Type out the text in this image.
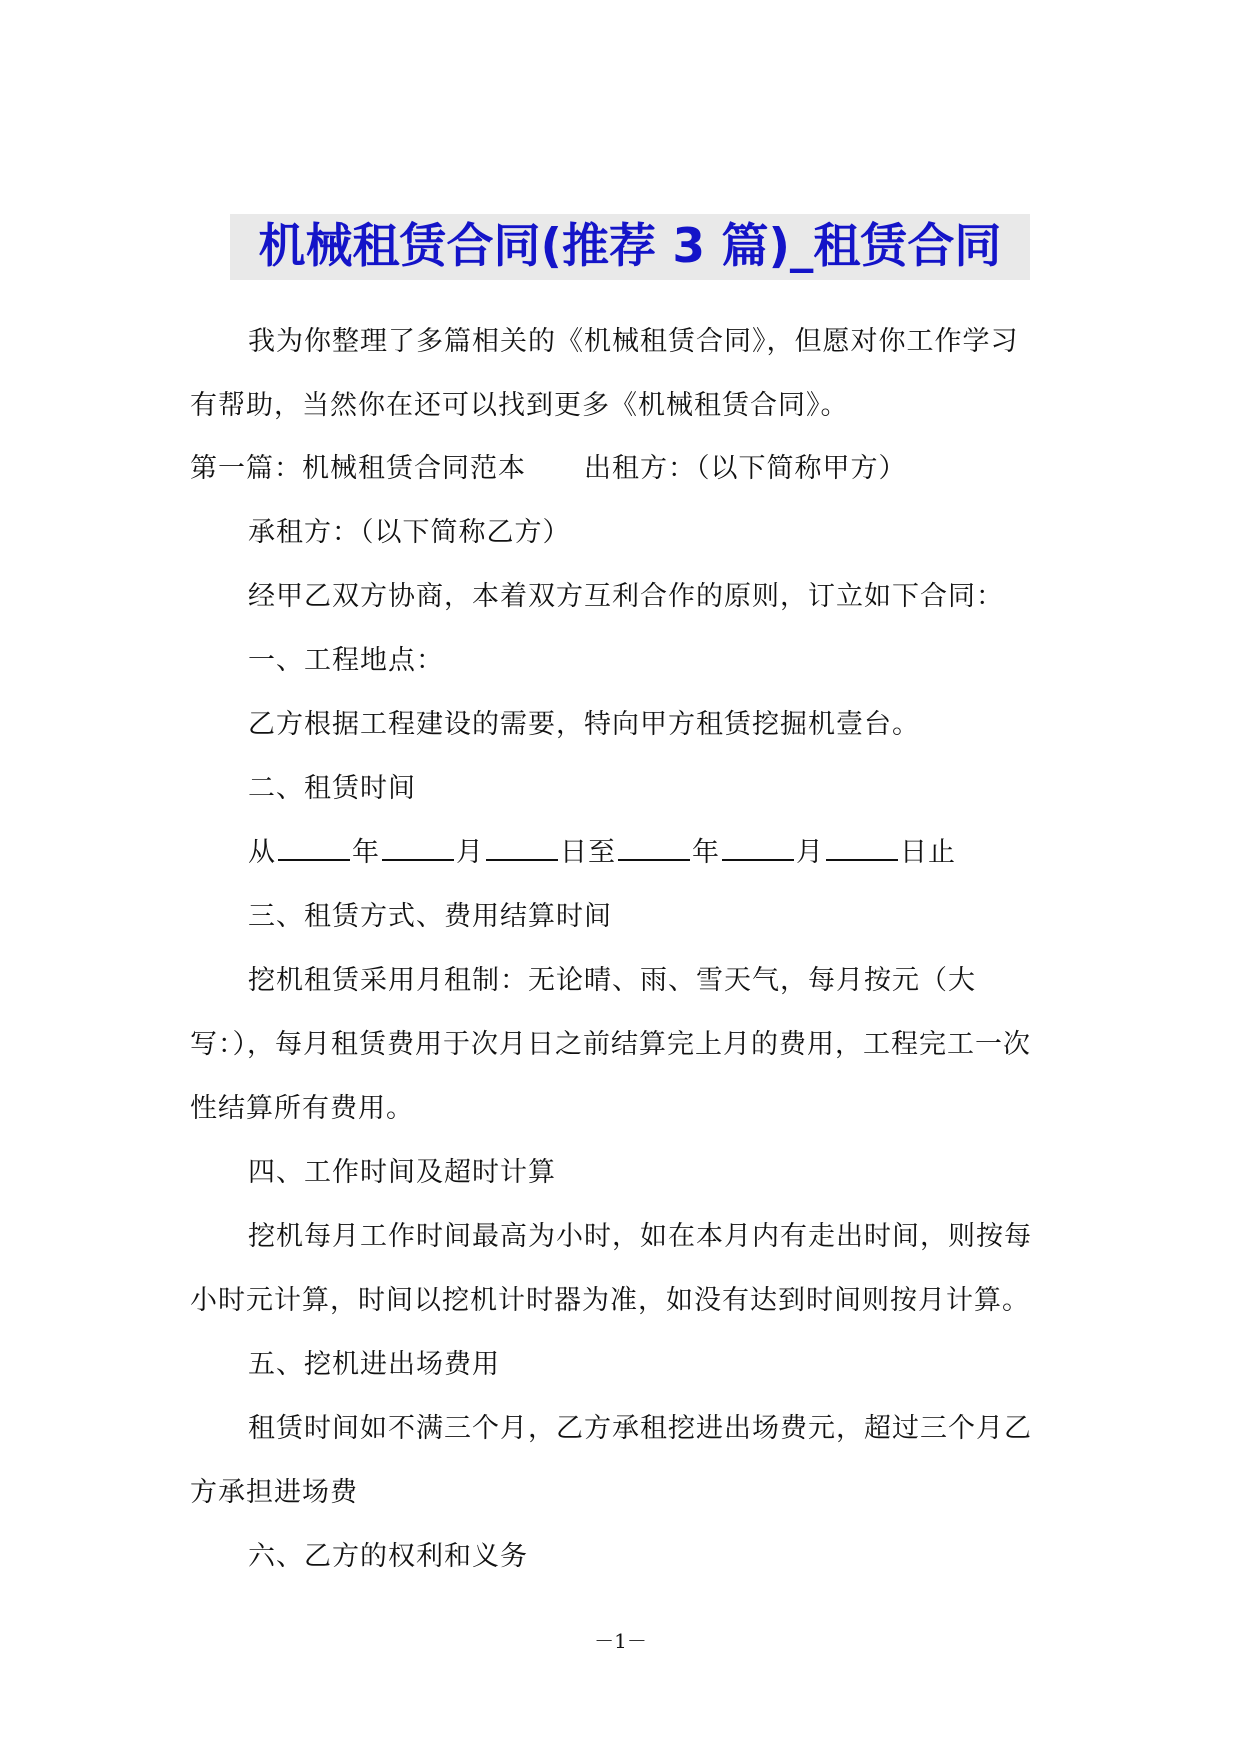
机械租赁合同(推荐 3 篇)_租赁合同
我为你整理了多篇相关的《机械租赁合同》，但愿对你工作学习
有帮助，当然你在还可以找到更多《机械租赁合同》。
第一篇：机械租赁合同范本 出租方：（以下简称甲方）
承租方：（以下简称乙方）
经甲乙双方协商，本着双方互利合作的原则，订立如下合同：
一、工程地点：
乙方根据工程建设的需要，特向甲方租赁挖掘机壹台。
二、租赁时间
从	年	月	日至	年	月	日止
三、租赁方式、费用结算时间
挖机租赁采用月租制：无论晴、雨、雪天气，每月按元（大
写：），每月租赁费用于次月日之前结算完上月的费用，工程完工一次
性结算所有费用。
四、工作时间及超时计算
挖机每月工作时间最高为小时，如在本月内有走出时间，则按每
小时元计算，时间以挖机计时器为准，如没有达到时间则按月计算。
五、挖机进出场费用
租赁时间如不满三个月，乙方承租挖进出场费元，超过三个月乙
方承担进场费
六、乙方的权利和义务
－1－
